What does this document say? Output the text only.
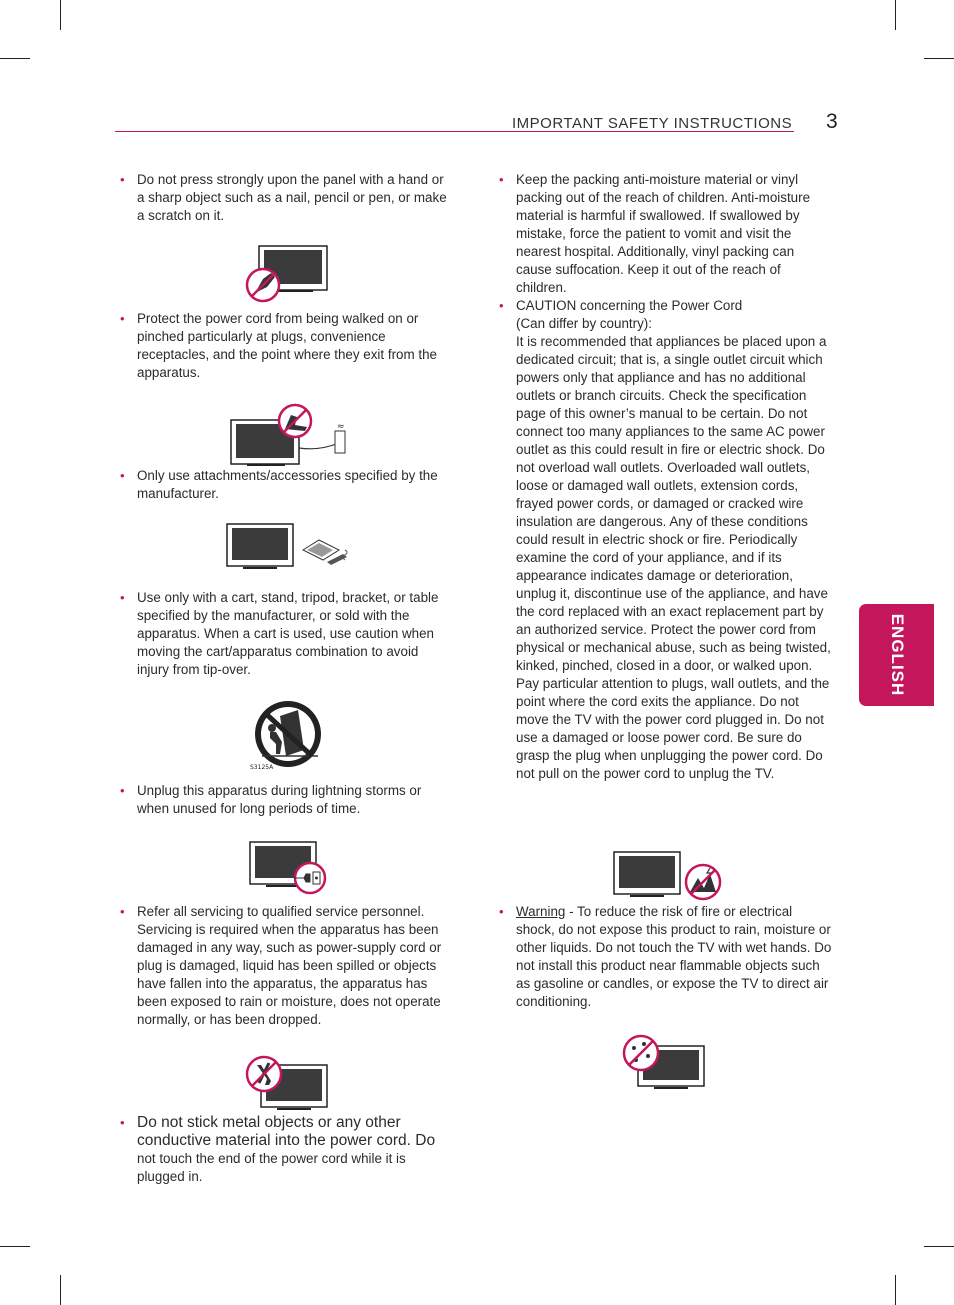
IMPORTANT SAFETY INSTRUCTIONS 3
ENGLISH
• Do not press strongly upon the panel with a hand or a sharp object such as a nail, pencil or pen, or make a scratch on it.
• Protect the power cord from being walked on or pinched particularly at plugs, convenience receptacles, and the point where they exit from the apparatus.
≈
• Only use attachments/accessories specified by the manufacturer.
• Use only with a cart, stand, tripod, bracket, or table specified by the manufacturer, or sold with the apparatus. When a cart is used, use caution when moving the cart/apparatus combination to avoid injury from tip-over.
S3125A
• Unplug this apparatus during lightning storms or when unused for long periods of time.
• Refer all servicing to qualified service personnel. Servicing is required when the apparatus has been damaged in any way, such as power-supply cord or plug is damaged, liquid has been spilled or objects have fallen into the apparatus, the apparatus has been exposed to rain or moisture, does not operate normally, or has been dropped.
• Do not stick metal objects or any other conductive material into the power cord. Do not touch the end of the power cord while it is plugged in.
• Keep the packing anti-moisture material or vinyl packing out of the reach of children. Anti-moisture material is harmful if swallowed. If swallowed by mistake, force the patient to vomit and visit the nearest hospital. Additionally, vinyl packing can cause suffocation. Keep it out of the reach of children.
• CAUTION concerning the Power Cord
(Can differ by country):
It is recommended that appliances be placed upon a dedicated circuit; that is, a single outlet circuit which powers only that appliance and has no additional outlets or branch circuits. Check the specification page of this owner’s manual to be certain. Do not connect too many appliances to the same AC power outlet as this could result in fire or electric shock. Do not overload wall outlets. Overloaded wall outlets, loose or damaged wall outlets, extension cords, frayed power cords, or damaged or cracked wire insulation are dangerous. Any of these conditions could result in electric shock or fire. Periodically examine the cord of your appliance, and if its appearance indicates damage or deterioration, unplug it, discontinue use of the appliance, and have the cord replaced with an exact replacement part by an authorized service. Protect the power cord from physical or mechanical abuse, such as being twisted, kinked, pinched, closed in a door, or walked upon. Pay particular attention to plugs, wall outlets, and the point where the cord exits the appliance. Do not move the TV with the power cord plugged in. Do not use a damaged or loose power cord. Be sure do grasp the plug when unplugging the power cord. Do not pull on the power cord to unplug the TV.
• Warning - To reduce the risk of fire or electrical shock, do not expose this product to rain, moisture or other liquids. Do not touch the TV with wet hands. Do not install this product near flammable objects such as gasoline or candles, or expose the TV to direct air conditioning.
